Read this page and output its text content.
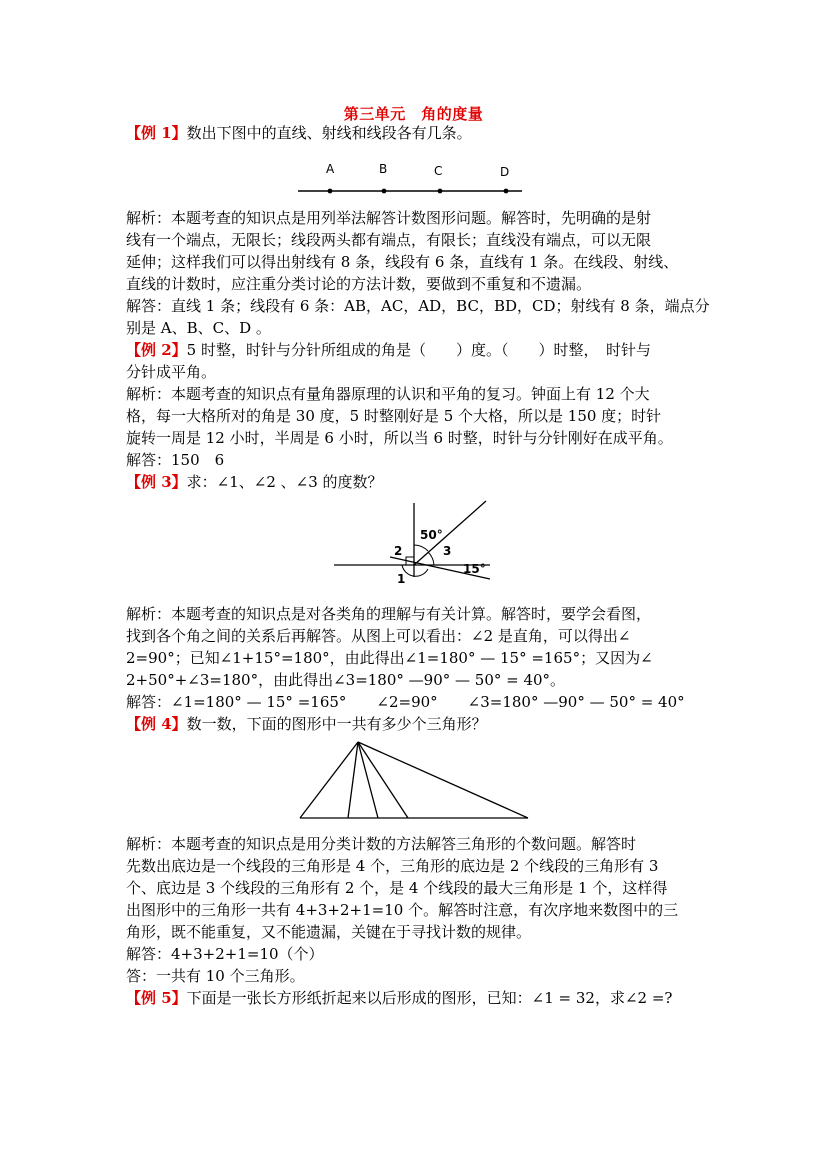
第三单元　角的度量
【例 1】数出下图中的直线、射线和线段各有几条。
A	B	C	D
解析：本题考查的知识点是用列举法解答计数图形问题。解答时，先明确的是射
线有一个端点，无限长；线段两头都有端点，有限长；直线没有端点，可以无限
延伸；这样我们可以得出射线有 8 条，线段有 6 条，直线有 1 条。在线段、射线、
直线的计数时，应注重分类讨论的方法计数，要做到不重复和不遗漏。
解答：直线 1 条；线段有 6 条：AB，AC，AD，BC，BD，CD；射线有 8 条，端点分
别是 A、B、C、D 。
【例 2】5 时整，时针与分针所组成的角是（　　）度。（　　）时整，　时针与
分针成平角。
解析：本题考查的知识点有量角器原理的认识和平角的复习。钟面上有 12 个大
格，每一大格所对的角是 30 度，5 时整刚好是 5 个大格，所以是 150 度；时针
旋转一周是 12 小时，半周是 6 小时，所以当 6 时整，时针与分针刚好在成平角。
解答：150　6
【例 3】求：∠1、∠2 、∠3 的度数？
50°
3
2
1
15°
解析：本题考查的知识点是对各类角的理解与有关计算。解答时，要学会看图，
找到各个角之间的关系后再解答。从图上可以看出：∠2 是直角，可以得出∠
2=90°；已知∠1+15°=180°，由此得出∠1=180° — 15° =165°；又因为∠
2+50°+∠3=180°，由此得出∠3=180° —90° — 50° = 40°。
解答：∠1=180° — 15° =165°　　∠2=90°　　∠3=180° —90° — 50° = 40°
【例 4】数一数，下面的图形中一共有多少个三角形？
解析：本题考查的知识点是用分类计数的方法解答三角形的个数问题。解答时
先数出底边是一个线段的三角形是 4 个，三角形的底边是 2 个线段的三角形有 3
个、底边是 3 个线段的三角形有 2 个，是 4 个线段的最大三角形是 1 个，这样得
出图形中的三角形一共有 4+3+2+1=10 个。解答时注意，有次序地来数图中的三
角形，既不能重复，又不能遗漏，关键在于寻找计数的规律。
解答：4+3+2+1=10（个）
答：一共有 10 个三角形。
【例 5】下面是一张长方形纸折起来以后形成的图形，已知：∠1 = 32，求∠2 =?
